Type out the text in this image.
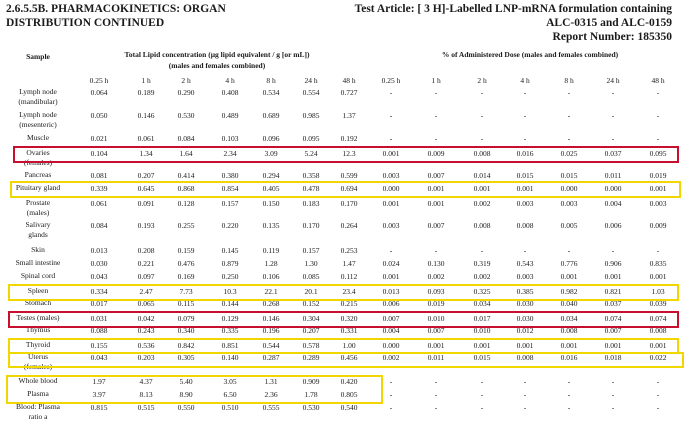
2.6.5.5B. PHARMACOKINETICS: ORGAN
DISTRIBUTION CONTINUED
Test Article: [ 3 H]-Labelled LNP-mRNA formulation containing
ALC-0315 and ALC-0159
Report Number: 185350
Total Lipid concentration (µg lipid equivalent / g [or mL])
(males and females combined)
% of Administered Dose (males and females combined)
Sample
0.25 h	0.25 h
1 h	1 h
2 h	2 h
4 h	4 h
8 h	8 h
24 h	24 h
48 h	48 h
Lymph node
(mandibular)
0.064	0.189	0.290	0.408	0.534	0.554	0.727	-	-	-	-	-	-	-
Lymph node
(mesenteric)
0.050	0.146	0.530	0.489	0.689	0.985	1.37	-	-	-	-	-	-	-
Muscle	0.021	0.061	0.084	0.103	0.096	0.095	0.192	-	-	-	-	-	-	-
Ovaries
(females)
0.104	1.34	1.64	2.34	3.09	5.24	12.3	0.001	0.009	0.008	0.016	0.025	0.037	0.095
Pancreas	0.081	0.207	0.414	0.380	0.294	0.358	0.599	0.003	0.007	0.014	0.015	0.015	0.011	0.019
Pituitary gland	0.339	0.645	0.868	0.854	0.405	0.478	0.694	0.000	0.001	0.001	0.001	0.000	0.000	0.001
Prostate
(males)
0.061	0.091	0.128	0.157	0.150	0.183	0.170	0.001	0.001	0.002	0.003	0.003	0.004	0.003
Salivary
glands
0.084	0.193	0.255	0.220	0.135	0.170	0.264	0.003	0.007	0.008	0.008	0.005	0.006	0.009
Skin	0.013	0.208	0.159	0.145	0.119	0.157	0.253	-	-	-	-	-	-	-
Small intestine	0.030	0.221	0.476	0.879	1.28	1.30	1.47	0.024	0.130	0.319	0.543	0.776	0.906	0.835
Spinal cord	0.043	0.097	0.169	0.250	0.106	0.085	0.112	0.001	0.002	0.002	0.003	0.001	0.001	0.001
Spleen	0.334	2.47	7.73	10.3	22.1	20.1	23.4	0.013	0.093	0.325	0.385	0.982	0.821	1.03
Stomach	0.017	0.065	0.115	0.144	0.268	0.152	0.215	0.006	0.019	0.034	0.030	0.040	0.037	0.039
Testes (males)	0.031	0.042	0.079	0.129	0.146	0.304	0.320	0.007	0.010	0.017	0.030	0.034	0.074	0.074
Thymus	0.088	0.243	0.340	0.335	0.196	0.207	0.331	0.004	0.007	0.010	0.012	0.008	0.007	0.008
Thyroid	0.155	0.536	0.842	0.851	0.544	0.578	1.00	0.000	0.001	0.001	0.001	0.001	0.001	0.001
Uterus
(females)
0.043	0.203	0.305	0.140	0.287	0.289	0.456	0.002	0.011	0.015	0.008	0.016	0.018	0.022
Whole blood	1.97	4.37	5.40	3.05	1.31	0.909	0.420	-	-	-	-	-	-	-
Plasma	3.97	8.13	8.90	6.50	2.36	1.78	0.805	-	-	-	-	-	-	-
Blood: Plasma
ratio a
0.815	0.515	0.550	0.510	0.555	0.530	0.540	-	-	-	-	-	-	-
